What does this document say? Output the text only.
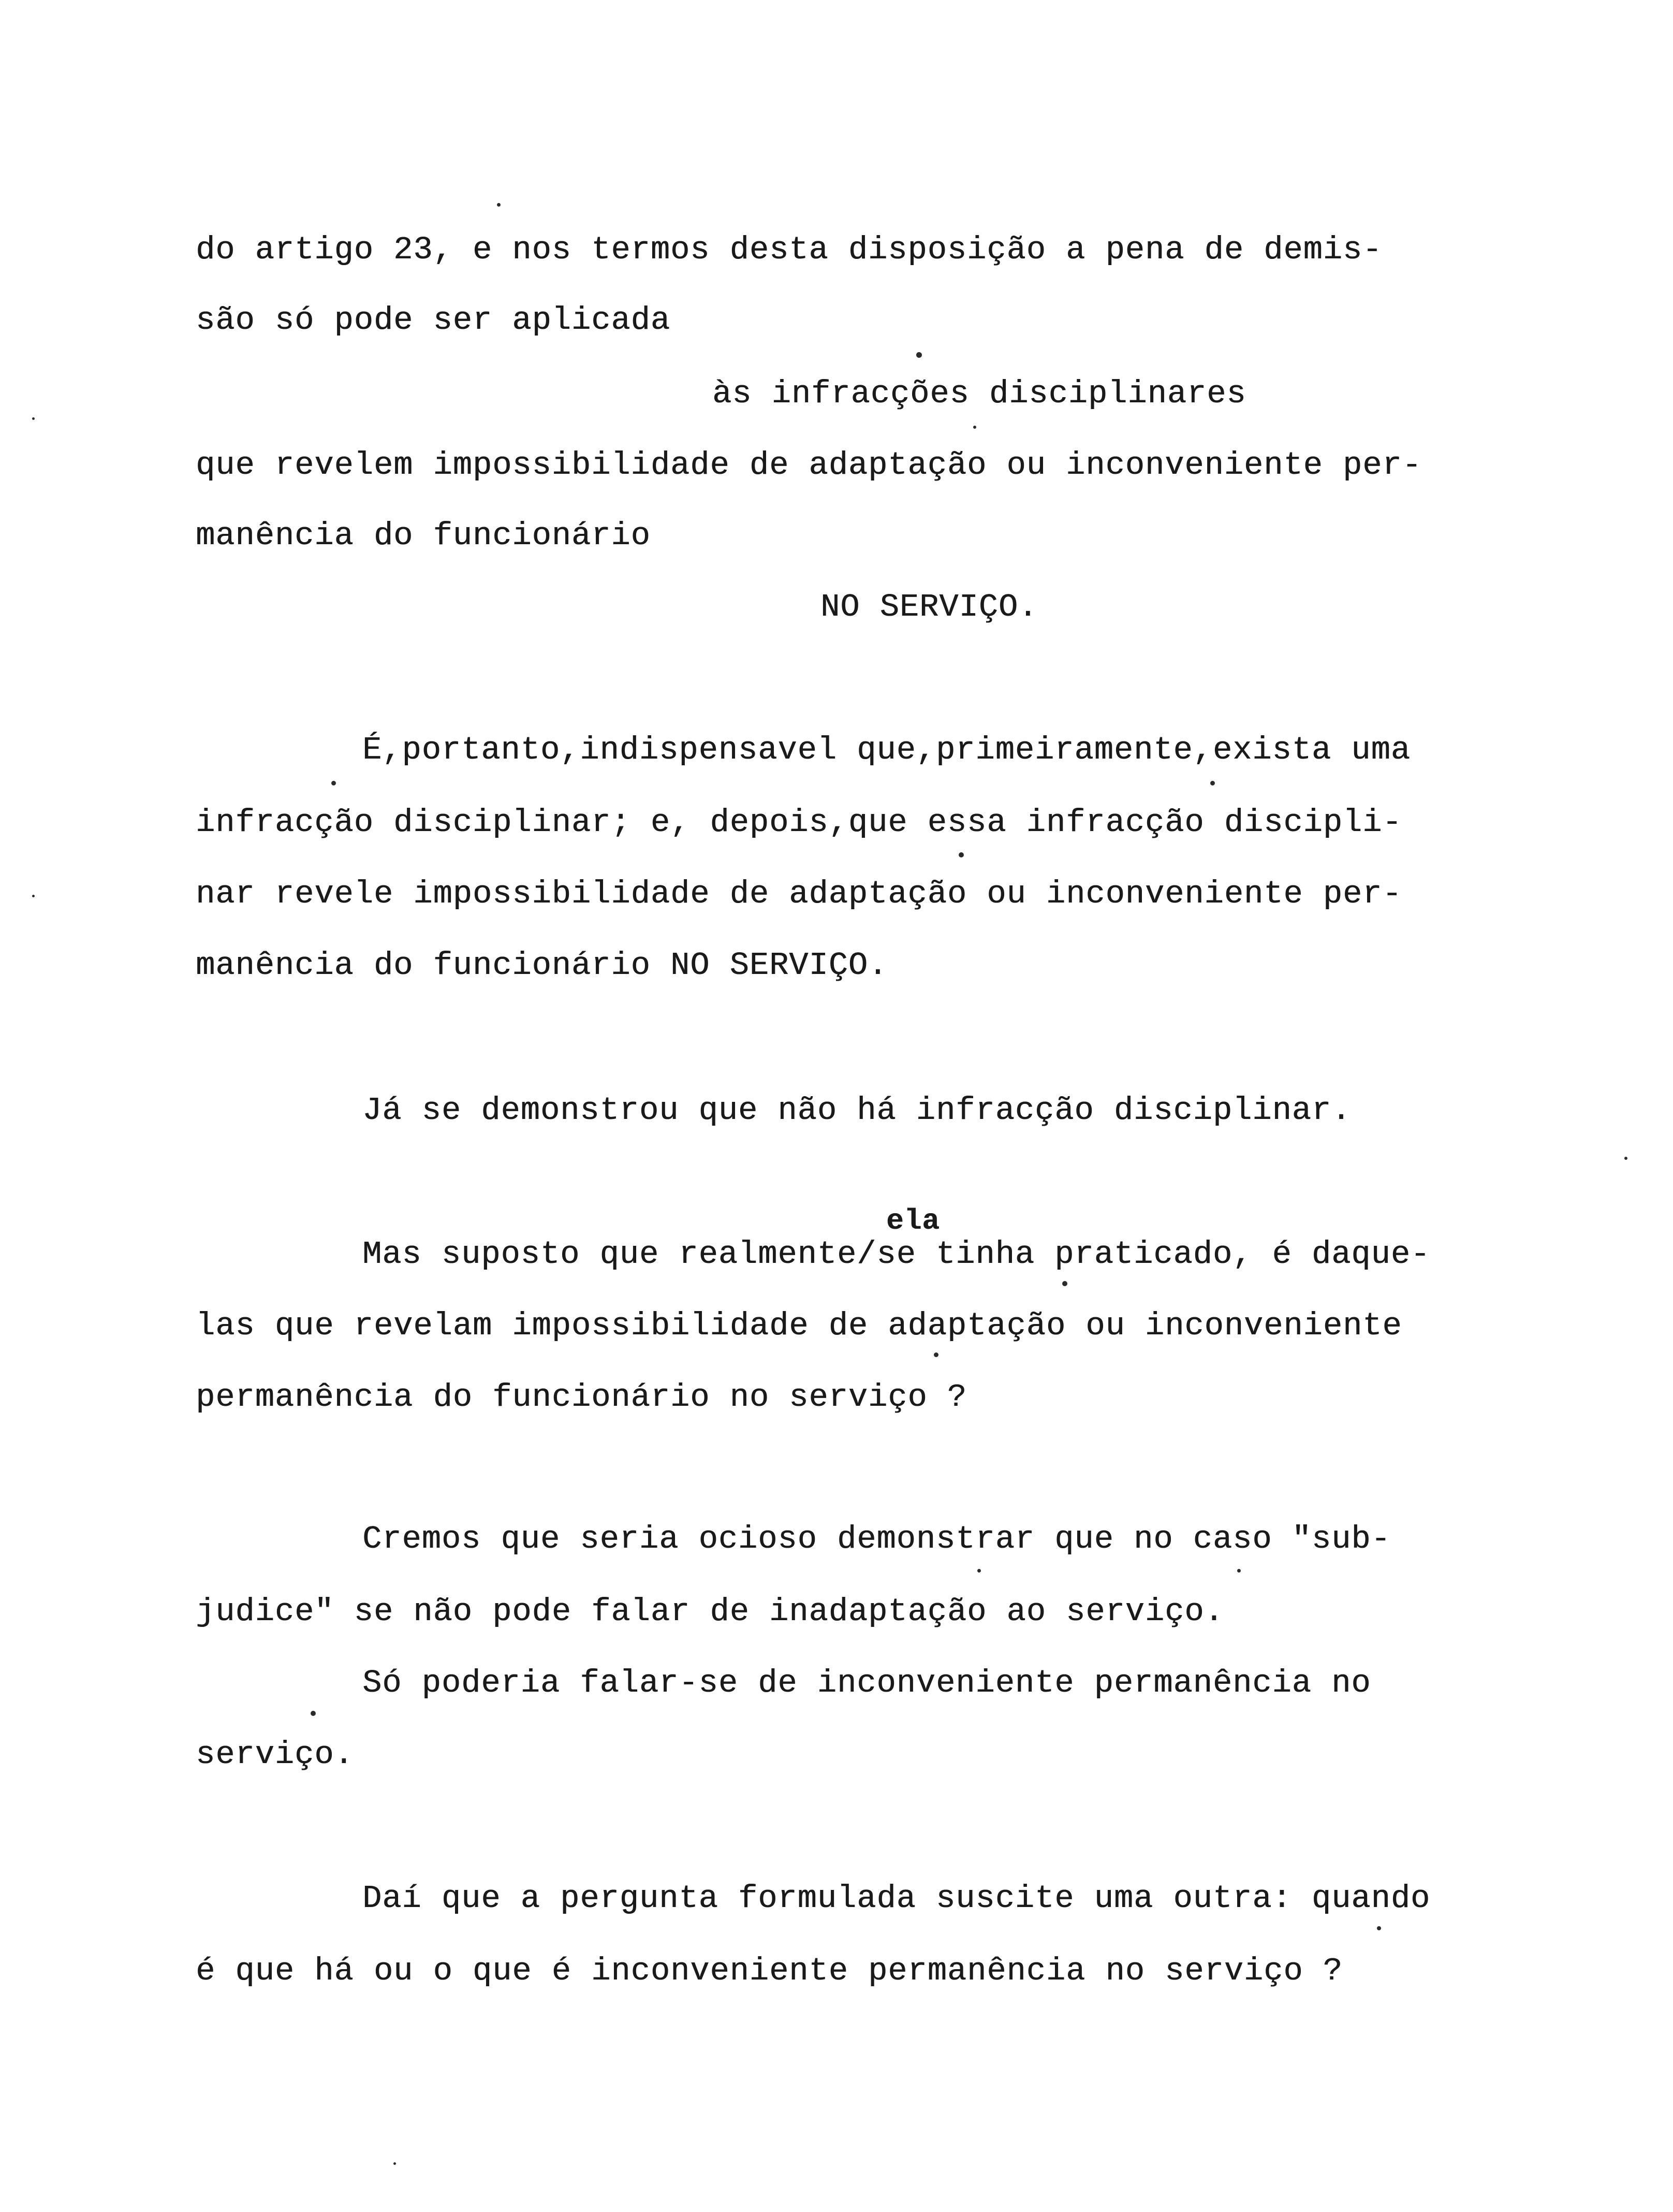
do artigo 23, e nos termos desta disposição a pena de demis-
são só pode ser aplicada
às infracções disciplinares
que revelem impossibilidade de adaptação ou inconveniente per-
manência do funcionário
NO SERVIÇO.
É,portanto,indispensavel que,primeiramente,exista uma
infracção disciplinar; e, depois,que essa infracção discipli-
nar revele impossibilidade de adaptação ou inconveniente per-
manência do funcionário NO SERVIÇO.
Já se demonstrou que não há infracção disciplinar.
ela
Mas suposto que realmente/se tinha praticado, é daque-
las que revelam impossibilidade de adaptação ou inconveniente
permanência do funcionário no serviço ?
Cremos que seria ocioso demonstrar que no caso "sub-
judice" se não pode falar de inadaptação ao serviço.
Só poderia falar-se de inconveniente permanência no
serviço.
Daí que a pergunta formulada suscite uma outra: quando
é que há ou o que é inconveniente permanência no serviço ?
